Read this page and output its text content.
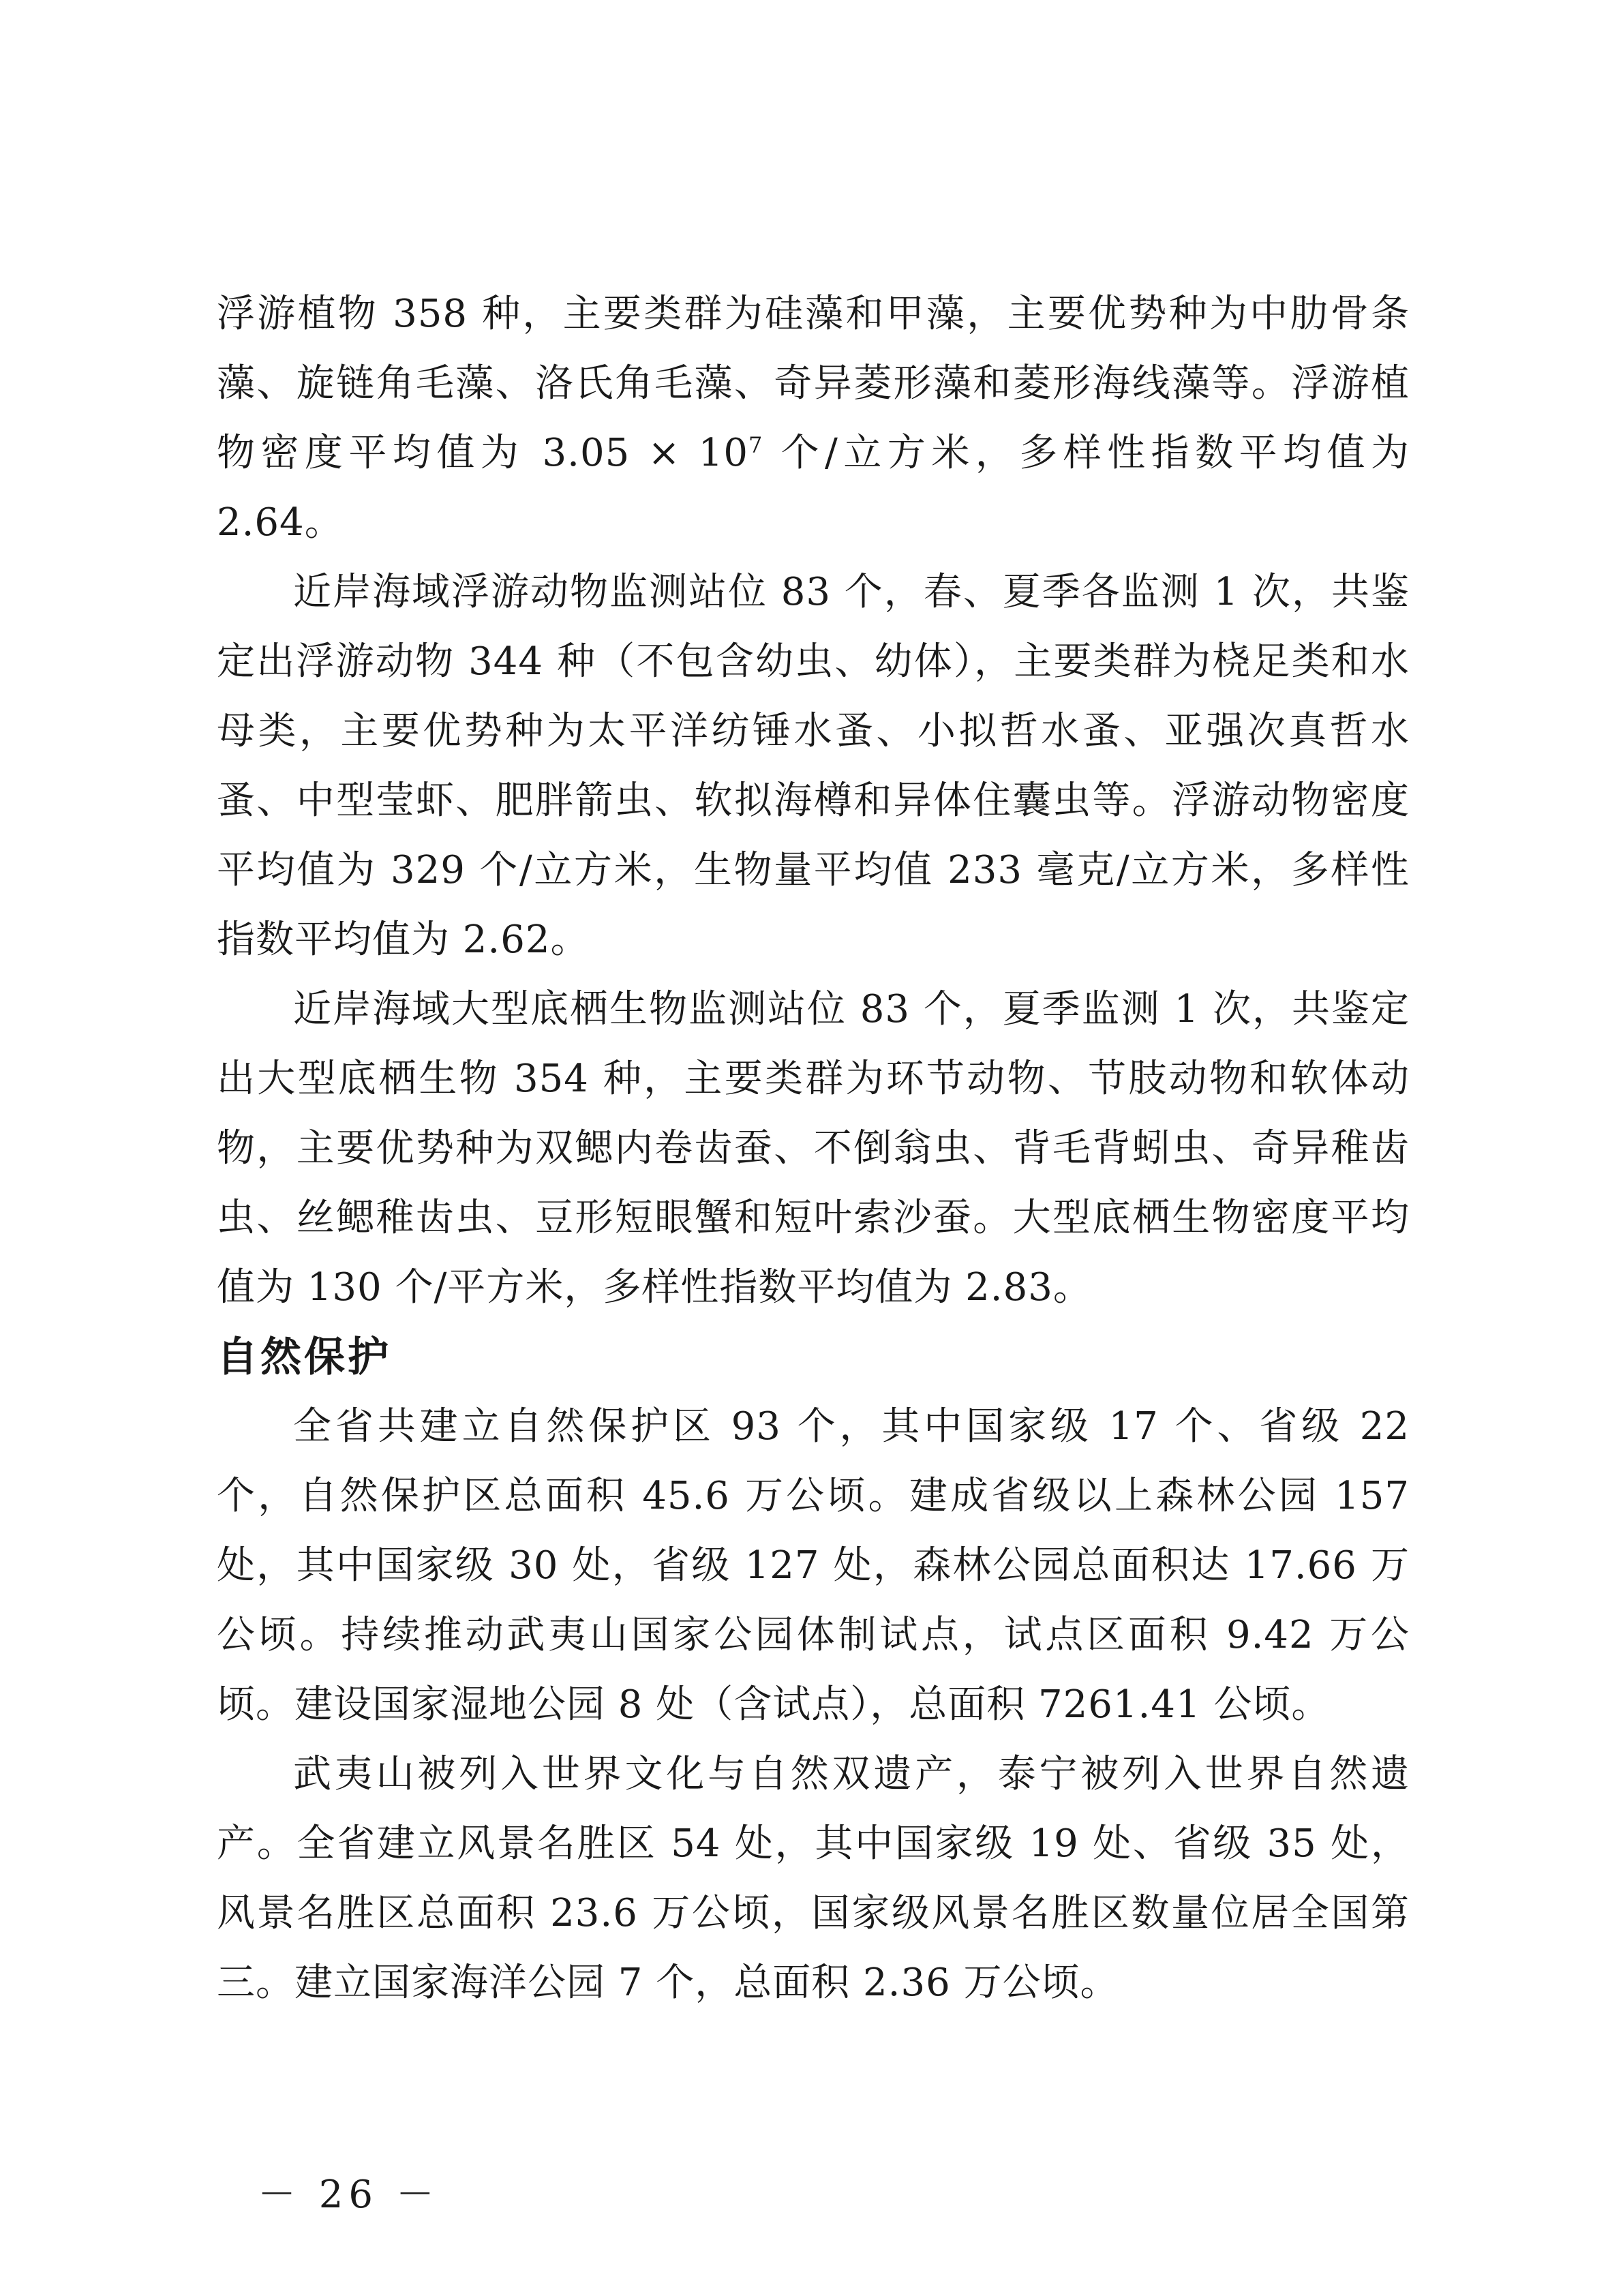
浮游植物 358 种，主要类群为硅藻和甲藻，主要优势种为中肋骨条藻、旋链角毛藻、洛氏角毛藻、奇异菱形藻和菱形海线藻等。浮游植物密度平均值为 $3.05 \times 10^7$ 个/立方米，多样性指数平均值为 2.64。

近岸海域浮游动物监测站位 83 个，春、夏季各监测 1 次，共鉴定出浮游动物 344 种（不包含幼虫、幼体），主要类群为桡足类和水母类，主要优势种为太平洋纺锤水蚤、小拟哲水蚤、亚强次真哲水蚤、中型莹虾、肥胖箭虫、软拟海樽和异体住囊虫等。浮游动物密度平均值为 329 个/立方米，生物量平均值 233 毫克/立方米，多样性指数平均值为 2.62。

近岸海域大型底栖生物监测站位 83 个，夏季监测 1 次，共鉴定出大型底栖生物 354 种，主要类群为环节动物、节肢动物和软体动物，主要优势种为双鳃内卷齿蚕、不倒翁虫、背毛背蚓虫、奇异稚齿虫、丝鳃稚齿虫、豆形短眼蟹和短叶索沙蚕。大型底栖生物密度平均值为 130 个/平方米，多样性指数平均值为 2.83。

自然保护

全省共建立自然保护区 93 个，其中国家级 17 个、省级 22 个，自然保护区总面积 45.6 万公顷。建成省级以上森林公园 157 处，其中国家级 30 处，省级 127 处，森林公园总面积达 17.66 万公顷。持续推动武夷山国家公园体制试点，试点区面积 9.42 万公顷。建设国家湿地公园 8 处（含试点），总面积 7261.41 公顷。

武夷山被列入世界文化与自然双遗产，泰宁被列入世界自然遗产。全省建立风景名胜区 54 处，其中国家级 19 处、省级 35 处，风景名胜区总面积 23.6 万公顷，国家级风景名胜区数量位居全国第三。建立国家海洋公园 7 个，总面积 2.36 万公顷。

－ 26 －
